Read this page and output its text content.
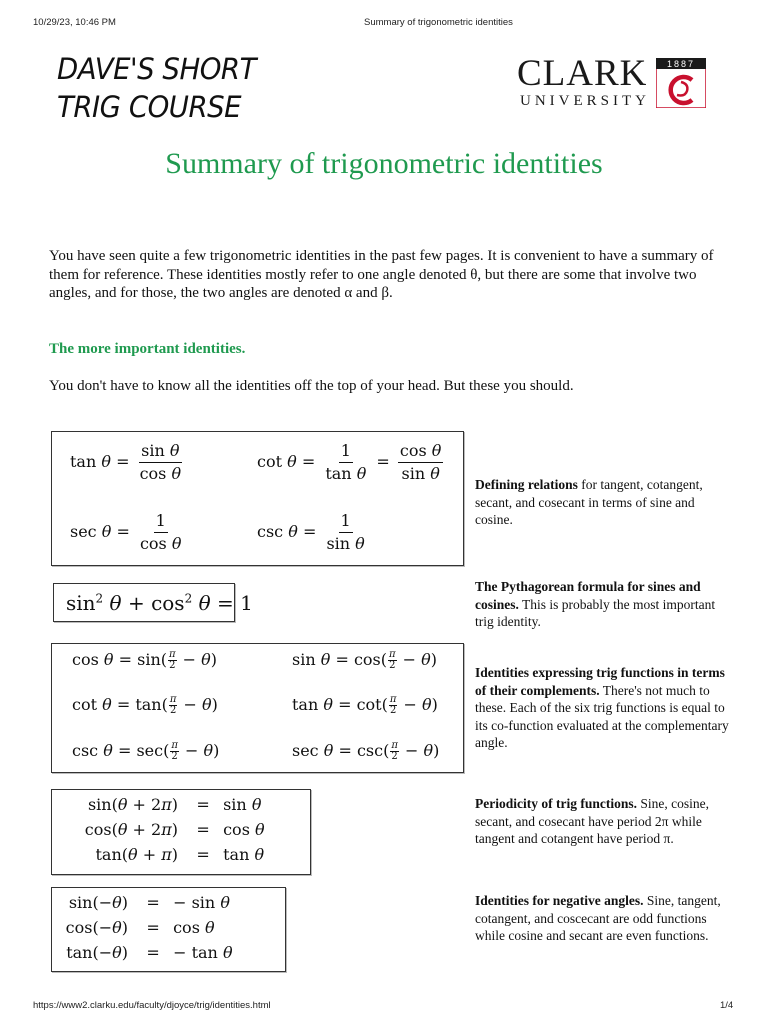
10/29/23, 10:46 PM	Summary of trigonometric identities
DAVE'S SHORT
TRIG COURSE
CLARK
UNIVERSITY
1887
Summary of trigonometric identities

You have seen quite a few trigonometric identities in the past few pages. It is convenient to have a summary of them for reference. These identities mostly refer to one angle denoted θ, but there are some that involve two angles, and for those, the two angles are denoted α and β.

The more important identities.

You don't have to know all the identities off the top of your head. But these you should.

$\tan \theta = \frac{\text{sin θ}}{\text{cos θ}}$	$\cot \theta = \frac{1}{\text{tan θ}} = \frac{\text{cos θ}}{\text{sin θ}}$
$\sec \theta = \frac{1}{\text{cos θ}}$	$\csc \theta = \frac{1}{\text{sin θ}}$

Defining relations for tangent, cotangent, secant, and cosecant in terms of sine and cosine.

$\sin^2 \theta + \cos^2 \theta = 1$

The Pythagorean formula for sines and cosines. This is probably the most important trig identity.

$\cos \theta = \sin( \frac{\pi}{2} - \theta)$	$\sin \theta = \cos( \frac{\pi}{2} - \theta)$
$\cot \theta = \tan( \frac{\pi}{2} - \theta)$	$\tan \theta = \cot( \frac{\pi}{2} - \theta)$
$\csc \theta = \sec( \frac{\pi}{2} - \theta)$	$\sec \theta = \csc( \frac{\pi}{2} - \theta)$

Identities expressing trig functions in terms of their complements. There's not much to these. Each of the six trig functions is equal to its co-function evaluated at the complementary angle.

sin(θ + 2π) = sin θ
cos(θ + 2π) = cos θ
tan(θ + π) = tan θ

Periodicity of trig functions. Sine, cosine, secant, and cosecant have period 2π while tangent and cotangent have period π.

sin(−θ) = − sin θ
cos(−θ) = cos θ
tan(−θ) = − tan θ

Identities for negative angles. Sine, tangent, cotangent, and coscecant are odd functions while cosine and secant are even functions.

https://www2.clarku.edu/faculty/djoyce/trig/identities.html	1/4
